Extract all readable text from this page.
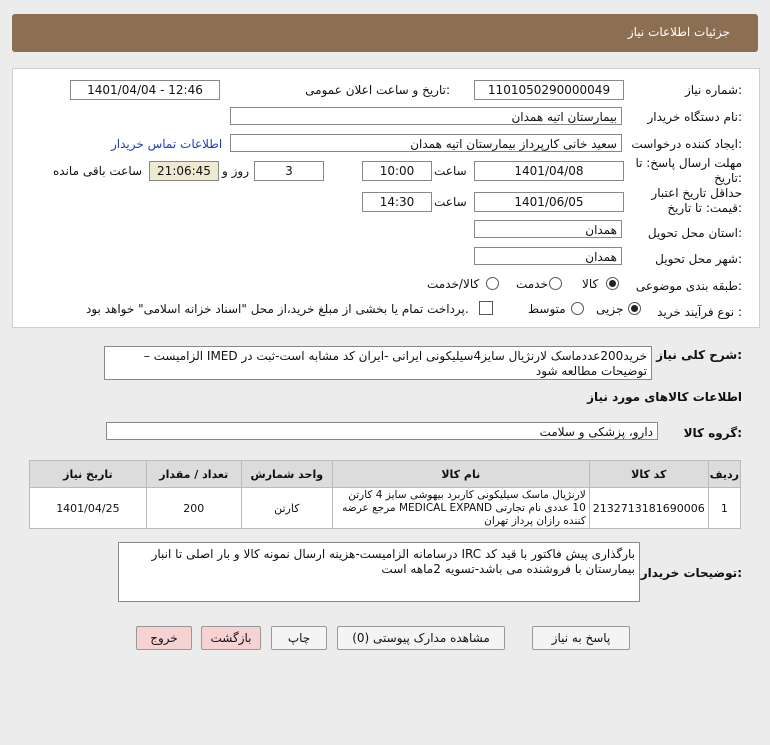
جزئیات اطلاعات نیاز
شماره نیاز:
1101050290000049
تاریخ و ساعت اعلان عمومی:
1401/04/04 - 12:46
نام دستگاه خریدار:
بیمارستان اتیه همدان
ایجاد کننده درخواست:
سعید خانی کارپرداز بیمارستان اتیه همدان
اطلاعات تماس خریدار
مهلت ارسال پاسخ: تا تاریخ:
1401/04/08
ساعت
10:00
3
روز و
21:06:45
ساعت باقی مانده
حداقل تاریخ اعتبار قیمت: تا تاریخ:
1401/06/05
ساعت
14:30
استان محل تحویل:
همدان
شهر محل تحویل:
همدان
طبقه بندی موضوعی:
کالا
خدمت
کالا/خدمت
نوع فرآیند خرید :
جزیی
متوسط
پرداخت تمام یا بخشی از مبلغ خرید،از محل "اسناد خزانه اسلامی" خواهد بود.
شرح کلی نیاز:
خرید200عددماسک لارنژیال سایز4سیلیکونی ایرانی -ایران کد مشابه است-ثبت در IMED الزامیست – توضیحات مطالعه شود
اطلاعات کالاهای مورد نیاز
گروه کالا:
دارو، پزشکی و سلامت
ردیف	کد کالا	نام کالا	واحد شمارش	تعداد / مقدار	تاریخ نیاز
1	2132713181690006	لارنژیال ماسک سیلیکونی کاربرد بیهوشی سایز 4 کارتن 10 عددی نام تجارتی MEDICAL EXPAND مرجع عرضه کننده رازان پرداز تهران	کارتن	200	1401/04/25
توضیحات خریدار:
بارگذاری پیش فاکتور با قید کد IRC درسامانه الزامیست-هزینه ارسال نمونه کالا و بار اصلی تا انبار بیمارستان با فروشنده می باشد-تسویه 2ماهه است
پاسخ به نیاز
مشاهده مدارک پیوستی (0)
چاپ
بازگشت
خروج
